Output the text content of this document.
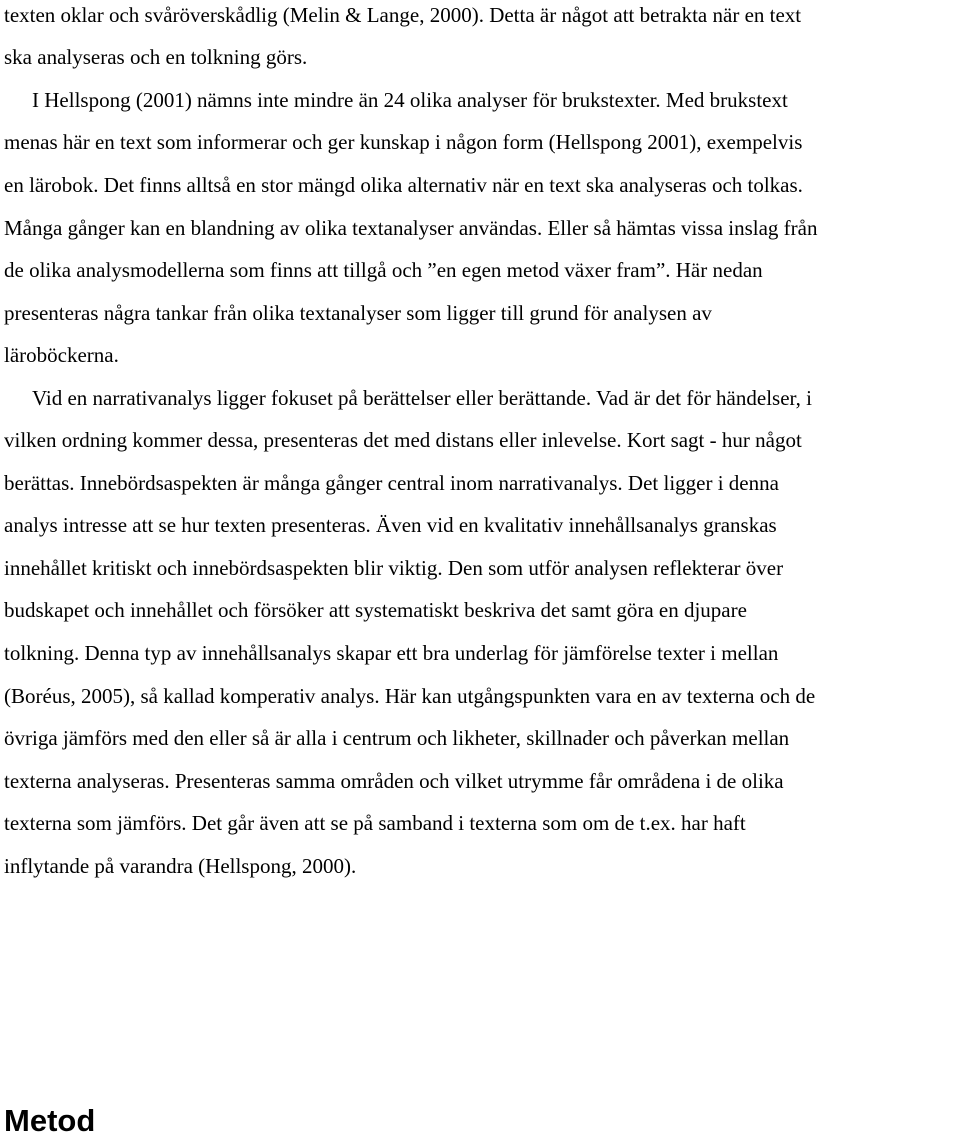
texten oklar och svåröverskådlig (Melin & Lange, 2000). Detta är något att betrakta när en text

ska analyseras och en tolkning görs.

I Hellspong (2001) nämns inte mindre än 24 olika analyser för brukstexter. Med brukstext

menas här en text som informerar och ger kunskap i någon form (Hellspong 2001), exempelvis

en lärobok. Det finns alltså en stor mängd olika alternativ när en text ska analyseras och tolkas.

Många gånger kan en blandning av olika textanalyser användas. Eller så hämtas vissa inslag från

de olika analysmodellerna som finns att tillgå och ”en egen metod växer fram”. Här nedan

presenteras några tankar från olika textanalyser som ligger till grund för analysen av

läroböckerna.

Vid en narrativanalys ligger fokuset på berättelser eller berättande. Vad är det för händelser, i

vilken ordning kommer dessa, presenteras det med distans eller inlevelse. Kort sagt - hur något

berättas. Innebördsaspekten är många gånger central inom narrativanalys. Det ligger i denna

analys intresse att se hur texten presenteras. Även vid en kvalitativ innehållsanalys granskas

innehållet kritiskt och innebördsaspekten blir viktig. Den som utför analysen reflekterar över

budskapet och innehållet och försöker att systematiskt beskriva det samt göra en djupare

tolkning. Denna typ av innehållsanalys skapar ett bra underlag för jämförelse texter i mellan

(Boréus, 2005), så kallad komperativ analys. Här kan utgångspunkten vara en av texterna och de

övriga jämförs med den eller så är alla i centrum och likheter, skillnader och påverkan mellan

texterna analyseras. Presenteras samma områden och vilket utrymme får områdena i de olika

texterna som jämförs. Det går även att se på samband i texterna som om de t.ex. har haft

inflytande på varandra (Hellspong, 2000).

Metod
